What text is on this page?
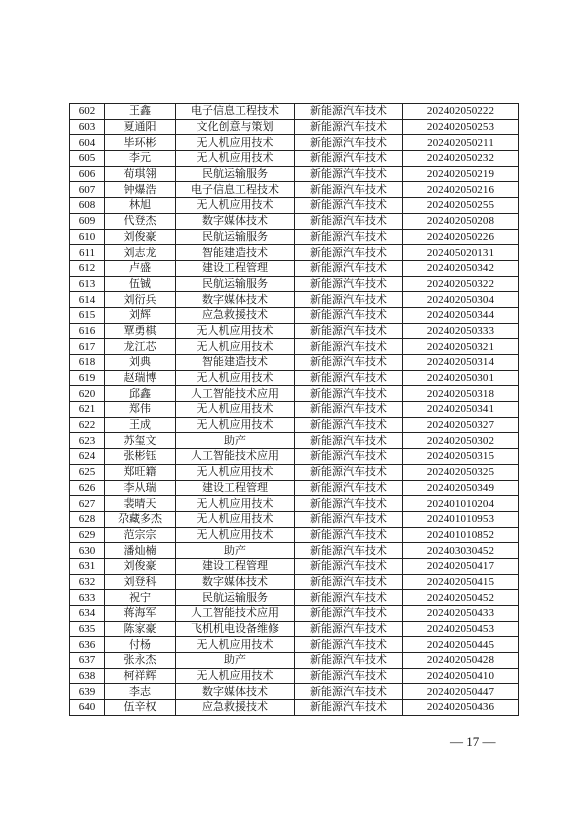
602	王鑫	电子信息工程技术	新能源汽车技术	202402050222
603	夏通阳	文化创意与策划	新能源汽车技术	202402050253
604	毕环彬	无人机应用技术	新能源汽车技术	202402050211
605	李元	无人机应用技术	新能源汽车技术	202402050232
606	荀琪翎	民航运输服务	新能源汽车技术	202402050219
607	钟爆浩	电子信息工程技术	新能源汽车技术	202402050216
608	林旭	无人机应用技术	新能源汽车技术	202402050255
609	代登杰	数字媒体技术	新能源汽车技术	202402050208
610	刘俊豪	民航运输服务	新能源汽车技术	202402050226
611	刘志龙	智能建造技术	新能源汽车技术	202405020131
612	卢盛	建设工程管理	新能源汽车技术	202402050342
613	伍铖	民航运输服务	新能源汽车技术	202402050322
614	刘衍兵	数字媒体技术	新能源汽车技术	202402050304
615	刘辉	应急救援技术	新能源汽车技术	202402050344
616	覃勇棋	无人机应用技术	新能源汽车技术	202402050333
617	龙江芯	无人机应用技术	新能源汽车技术	202402050321
618	刘典	智能建造技术	新能源汽车技术	202402050314
619	赵瑞博	无人机应用技术	新能源汽车技术	202402050301
620	邱鑫	人工智能技术应用	新能源汽车技术	202402050318
621	郑伟	无人机应用技术	新能源汽车技术	202402050341
622	王成	无人机应用技术	新能源汽车技术	202402050327
623	苏玺文	助产	新能源汽车技术	202402050302
624	张彬钰	人工智能技术应用	新能源汽车技术	202402050315
625	郑旺籍	无人机应用技术	新能源汽车技术	202402050325
626	李从瑞	建设工程管理	新能源汽车技术	202402050349
627	裴晴天	无人机应用技术	新能源汽车技术	202401010204
628	尕藏多杰	无人机应用技术	新能源汽车技术	202401010953
629	范宗宗	无人机应用技术	新能源汽车技术	202401010852
630	潘灿楠	助产	新能源汽车技术	202403030452
631	刘俊豪	建设工程管理	新能源汽车技术	202402050417
632	刘登科	数字媒体技术	新能源汽车技术	202402050415
633	祝宁	民航运输服务	新能源汽车技术	202402050452
634	蒋海军	人工智能技术应用	新能源汽车技术	202402050433
635	陈家豪	飞机机电设备维修	新能源汽车技术	202402050453
636	付杨	无人机应用技术	新能源汽车技术	202402050445
637	张永杰	助产	新能源汽车技术	202402050428
638	柯祥辉	无人机应用技术	新能源汽车技术	202402050410
639	李志	数字媒体技术	新能源汽车技术	202402050447
640	伍辛权	应急救援技术	新能源汽车技术	202402050436
— 17 —
